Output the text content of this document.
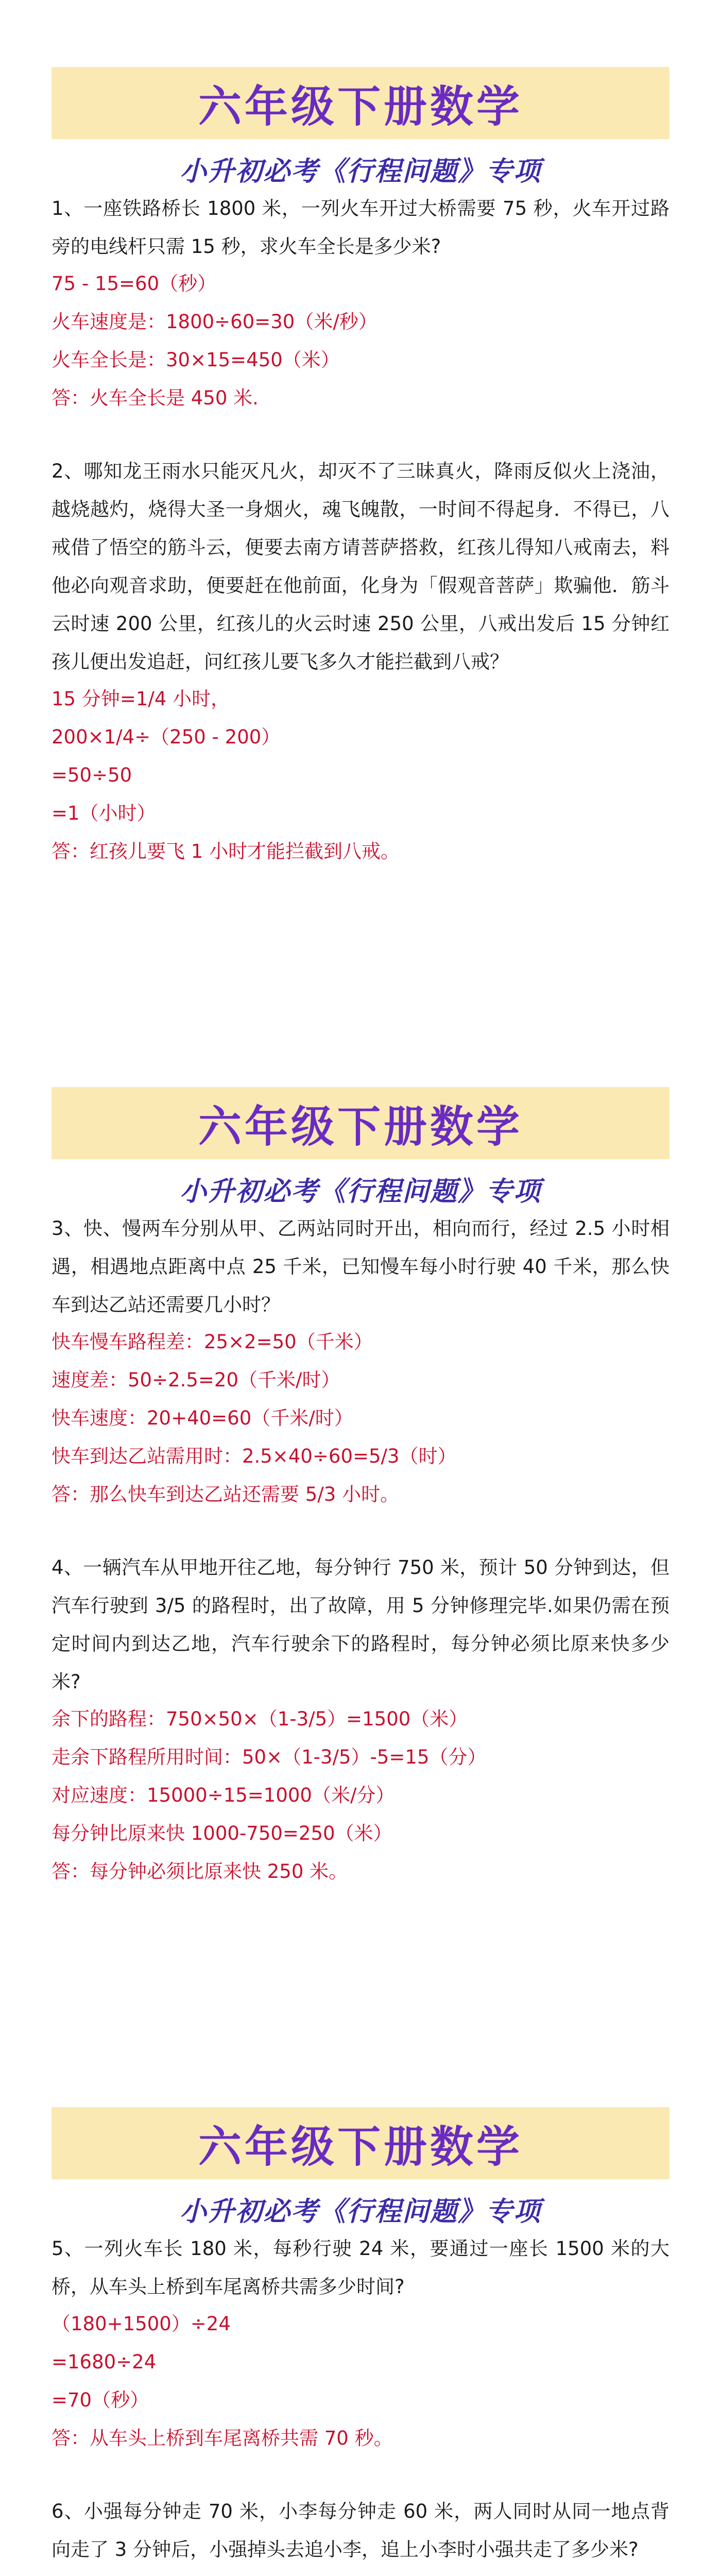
六年级下册数学
小升初必考《行程问题》专项

1、一座铁路桥长 1800 米，一列火车开过大桥需要 75 秒，火车开过路旁的电线杆只需 15 秒，求火车全长是多少米?

75 - 15=60（秒）
火车速度是：1800÷60=30（米/秒）
火车全长是：30×15=450（米）
答：火车全长是 450 米.

2、哪知龙王雨水只能灭凡火，却灭不了三昧真火，降雨反似火上浇油，越烧越灼，烧得大圣一身烟火，魂飞魄散，一时间不得起身．不得已，八戒借了悟空的筋斗云，便要去南方请菩萨搭救，红孩儿得知八戒南去，料他必向观音求助，便要赶在他前面，化身为「假观音菩萨」欺骗他．筋斗云时速 200 公里，红孩儿的火云时速 250 公里，八戒出发后 15 分钟红孩儿便出发追赶，问红孩儿要飞多久才能拦截到八戒？

15 分钟=1/4 小时，
200×1/4÷（250 - 200）
=50÷50
=1（小时）
答：红孩儿要飞 1 小时才能拦截到八戒。
六年级下册数学
小升初必考《行程问题》专项

3、快、慢两车分别从甲、乙两站同时开出，相向而行，经过 2.5 小时相遇，相遇地点距离中点 25 千米，已知慢车每小时行驶 40 千米，那么快车到达乙站还需要几小时？

快车慢车路程差：25×2=50（千米）
速度差：50÷2.5=20（千米/时）
快车速度：20+40=60（千米/时）
快车到达乙站需用时：2.5×40÷60=5/3（时）
答：那么快车到达乙站还需要 5/3 小时。

4、一辆汽车从甲地开往乙地，每分钟行 750 米，预计 50 分钟到达，但汽车行驶到 3/5 的路程时，出了故障，用 5 分钟修理完毕.如果仍需在预定时间内到达乙地，汽车行驶余下的路程时，每分钟必须比原来快多少米?

余下的路程：750×50×（1-3/5）=1500（米）
走余下路程所用时间：50×（1-3/5）-5=15（分）
对应速度：15000÷15=1000（米/分）
每分钟比原来快 1000-750=250（米）
答：每分钟必须比原来快 250 米。
六年级下册数学
小升初必考《行程问题》专项

5、一列火车长 180 米，每秒行驶 24 米，要通过一座长 1500 米的大桥，从车头上桥到车尾离桥共需多少时间?

（180+1500）÷24
=1680÷24
=70（秒）
答：从车头上桥到车尾离桥共需 70 秒。

6、小强每分钟走 70 米，小李每分钟走 60 米，两人同时从同一地点背向走了 3 分钟后，小强掉头去追小李，追上小李时小强共走了多少米?
